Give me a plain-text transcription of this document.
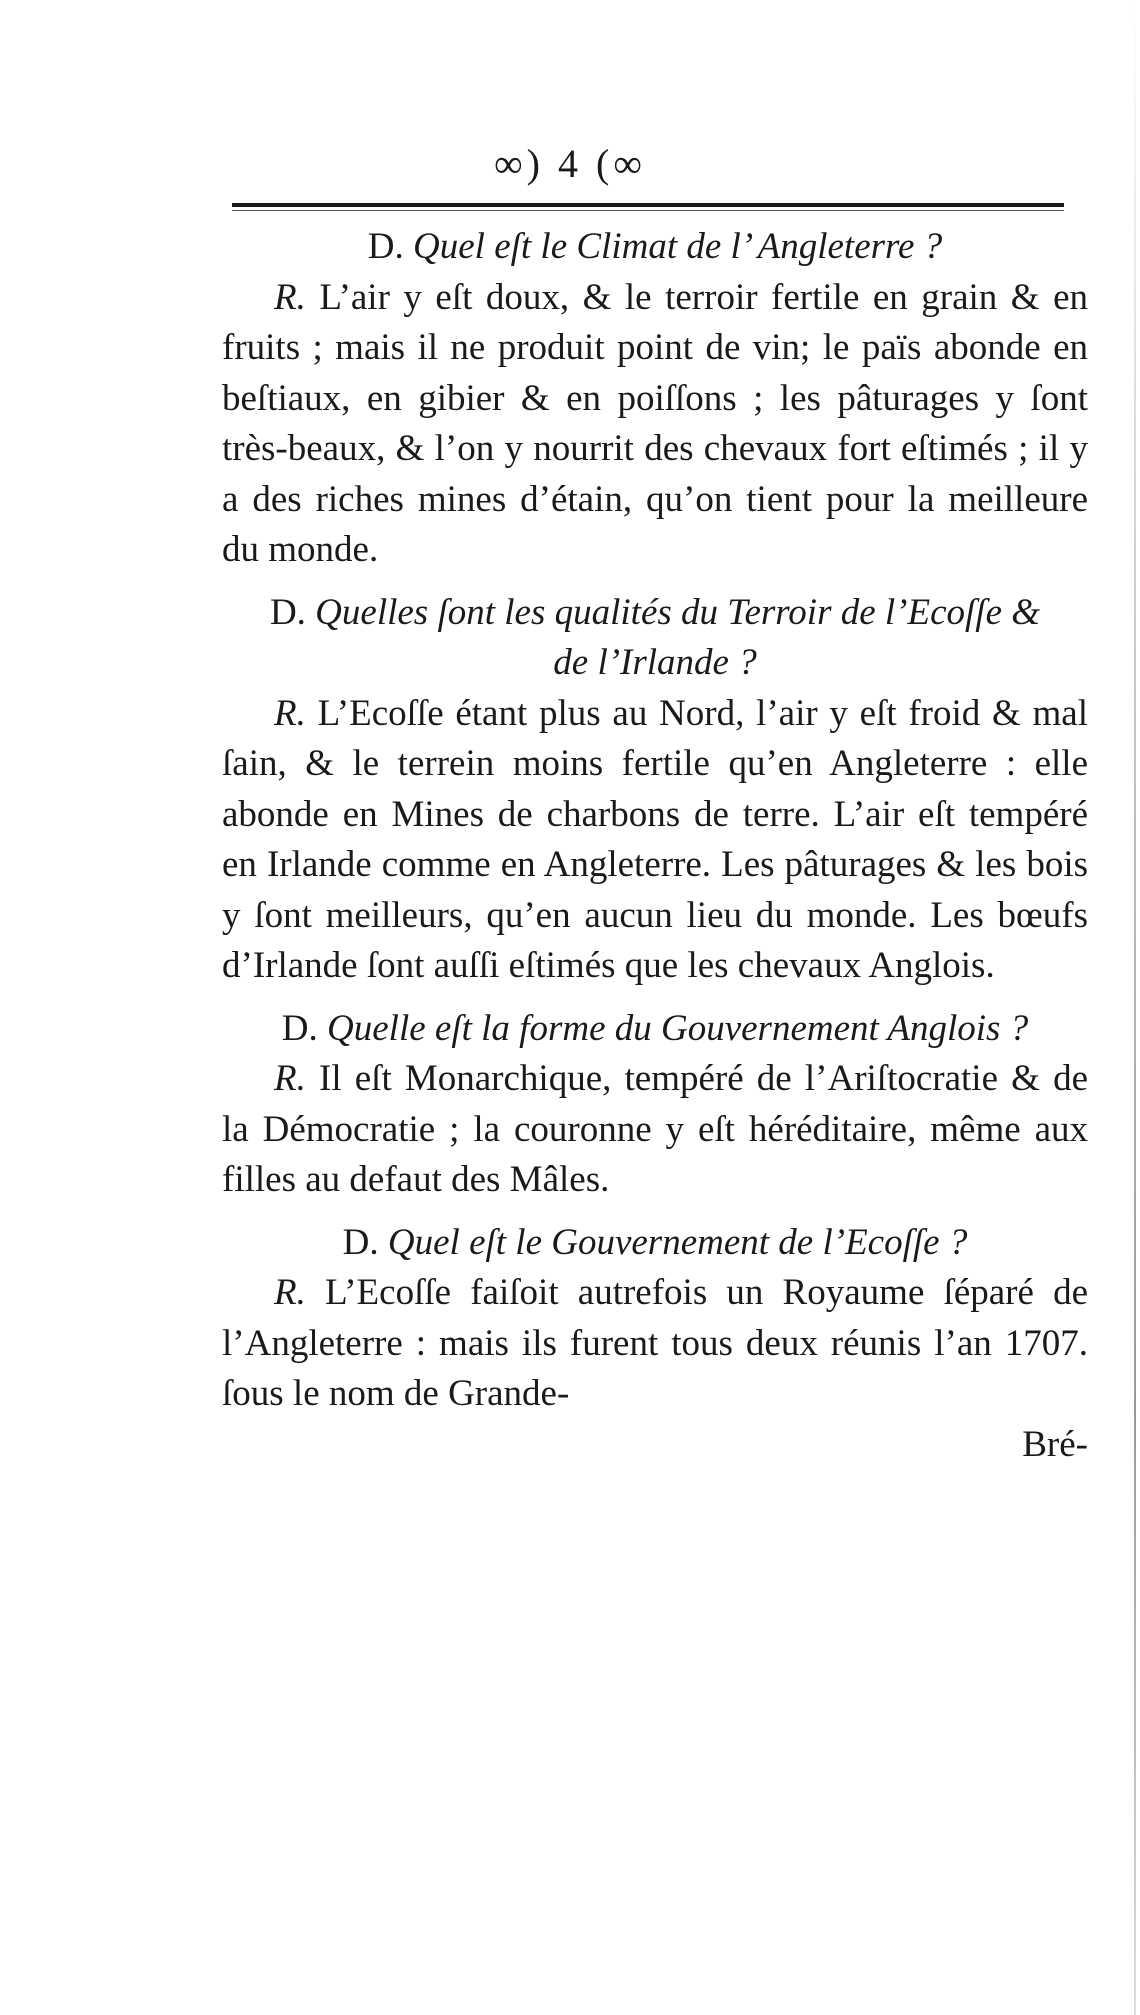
∞) 4 (∞

D. Quel eſt le Climat de l’ Angleterre ?

R. L’air y eſt doux, & le terroir fertile en grain & en fruits ; mais il ne produit point de vin; le païs abonde en beſtiaux, en gibier & en poiſſons ; les pâturages y ſont très-beaux, & l’on y nourrit des chevaux fort eſtimés ; il y a des riches mines d’étain, qu’on tient pour la meilleure du monde.

D. Quelles ſont les qualités du Terroir de l’Ecoſſe & de l’Irlande ?

R. L’Ecoſſe étant plus au Nord, l’air y eſt froid & mal ſain, & le terrein moins fertile qu’en Angleterre : elle abonde en Mines de charbons de terre. L’air eſt tempéré en Irlande comme en Angleterre. Les pâturages & les bois y ſont meilleurs, qu’en aucun lieu du monde. Les bœufs d’Irlande ſont auſſi eſtimés que les chevaux Anglois.

D. Quelle eſt la forme du Gouvernement Anglois ?

R. Il eſt Monarchique, tempéré de l’Ariſtocratie & de la Démocratie ; la couronne y eſt héréditaire, même aux filles au defaut des Mâles.

D. Quel eſt le Gouvernement de l’Ecoſſe ?

R. L’Ecoſſe faiſoit autrefois un Royaume ſéparé de l’Angleterre : mais ils furent tous deux réunis l’an 1707. ſous le nom de Grande-

Bré-
